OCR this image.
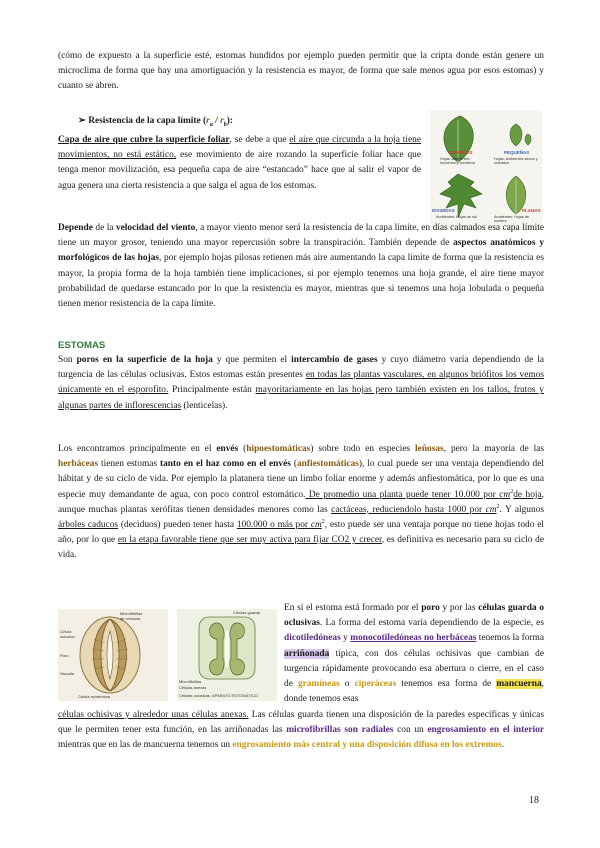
(cómo de expuesto a la superficie esté, estomas hundidos por ejemplo pueden permitir que la cripta donde están genere un microclima de forma que hay una amortiguación y la resistencia es mayor, de forma que sale menos agua por esos estomas) y cuanto se abren.
➢ Resistencia de la capa límite $(r_a / r_b)$:
Capa de aire que cubre la superficie foliar, se debe a que el aire que circunda a la hoja tiene movimientos, no está estático, ese movimiento de aire rozando la superficie foliar hace que tenga menor movilización, esa pequeña capa de aire “estancado” hace que al salir el vapor de agua genera una cierta resistencia a que salga el agua de los estomas.
GRANDES	PEQUEÑAS
Hojas: Ambientes húmedos y sombríos
Hojas: Ambientes secos y soleados
DIVIDIDAS	PLANAS
Ambientes: Hojas de sol	Ambientes: Hojas de sombra
Depende de la velocidad del viento, a mayor viento menor será la resistencia de la capa límite, en días calmados esa capa límite tiene un mayor grosor, teniendo una mayor repercusión sobre la transpiración. También depende de aspectos anatómicos y morfológicos de las hojas, por ejemplo hojas pilosas retienen más aire aumentando la capa límite de forma que la resistencia es mayor, la propia forma de la hoja también tiene implicaciones, si por ejemplo tenemos una hoja grande, el aire tiene mayor probabilidad de quedarse estancado por lo que la resistencia es mayor, mientras que si tenemos una hoja lobulada o pequeña tienen menor resistencia de la capa límite.
ESTOMAS
Son poros en la superficie de la hoja y que permiten el intercambio de gases y cuyo diámetro varía dependiendo de la turgencia de las células oclusivas. Estos estomas están presentes en todas las plantas vasculares, en algunos briófitos los vemos únicamente en el esporofito. Principalmente están mayoritariamente en las hojas pero también existen en los tallos, frutos y algunas partes de inflorescencias (lenticelas).
Los encontramos principalmente en el envés (hipoestomáticas) sobre todo en especies leñosas, pero la mayoría de las herbáceas tienen estomas tanto en el haz como en el envés (anfiestomáticas), lo cual puede ser una ventaja dependiendo del hábitat y de su ciclo de vida. Por ejemplo la platanera tiene un limbo foliar enorme y además anfiestomática, por lo que es una especie muy demandante de agua, con poco control estomático. De promedio una planta puede tener 10.000 por $cm^2de$ hoja, aunque muchas plantas xerófitas tienen densidades menores como las cactáceas, reduciendolo hasta 1000 por $cm^2$. Y algunos árboles caducos (deciduos) pueden tener hasta 100.000 o más por $cm^2$, esto puede ser una ventaja porque no tiene hojas todo el año, por lo que en la etapa favorable tiene que ser muy activa para fijar CO2 y crecer, es definitiva es necesario para su ciclo de vida.
Microfibrillas
de celulosa
Célula
oclusiva
Poro
Vacuola
Célula epidérmica
Células guarda
Microfibrillas
Células anexas
Células oclusivas, APARATO ESTOMÁTICO
En sí el estoma está formado por el poro y por las células guarda o oclusivas. La forma del estoma varía dependiendo de la especie, es dicotiledóneas y monocotiledóneas no herbáceas tenemos la forma arriñonada típica, con dos células ochisivas que cambian de turgencia rápidamente provocando esa abertura o cierre, en el caso de gramíneas o ciperáceas tenemos esa forma de mancuerna, donde tenemos esas
células ochisivas y alrededor unas células anexas. Las células guarda tienen una disposición de la paredes específicas y únicas que le permiten tener esta función, en las arriñonadas las microfibrillas son radiales con un engrosamiento en el interior mientras que en las de mancuerna tenemos un engrosamiento más central y una disposición difusa en los extremos.
18
